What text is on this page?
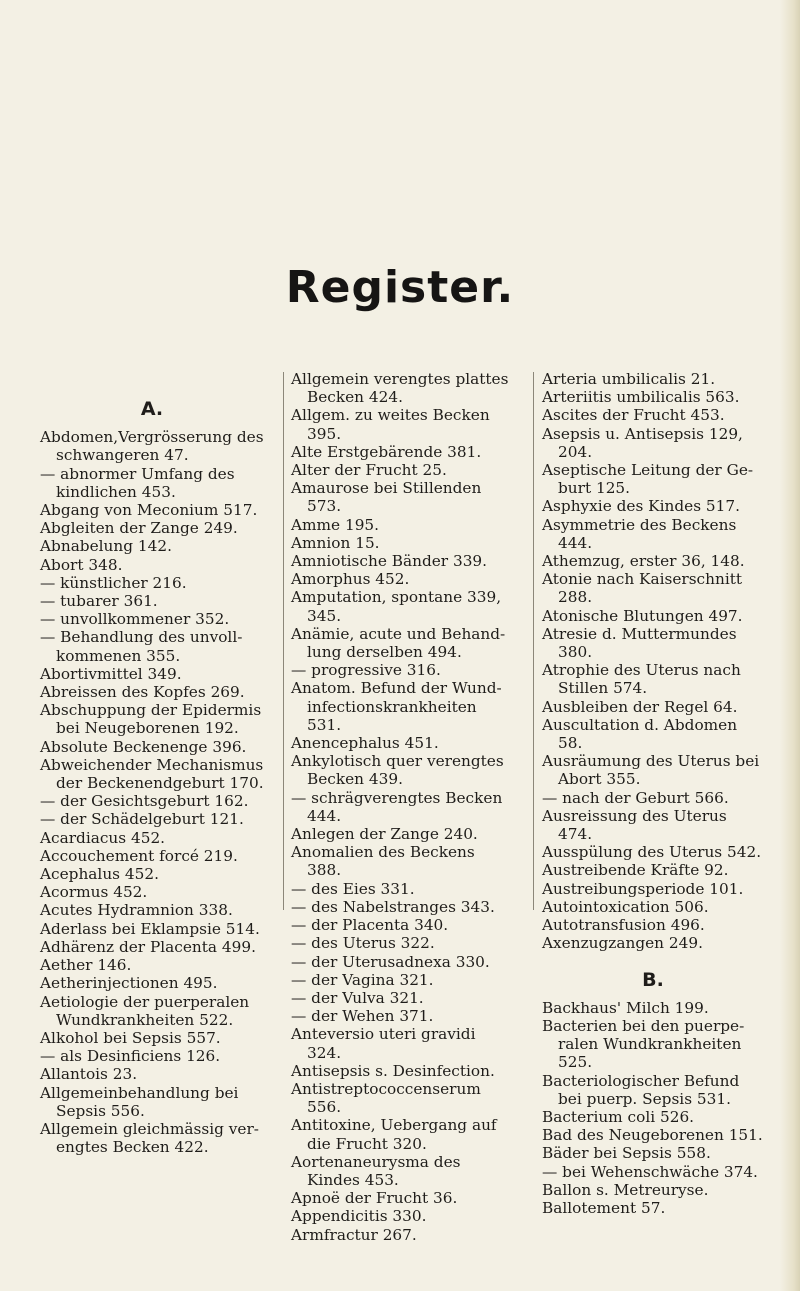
Register.
A.
Abdomen,Vergrösserung des schwangeren 47.
— abnormer Umfang des kindlichen 453.
Abgang von Meconium 517.
Abgleiten der Zange 249.
Abnabelung 142.
Abort 348.
— künstlicher 216.
— tubarer 361.
— unvollkommener 352.
— Behandlung des unvoll-kommenen 355.
Abortivmittel 349.
Abreissen des Kopfes 269.
Abschuppung der Epidermis bei Neugeborenen 192.
Absolute Beckenenge 396.
Abweichender Mechanismus der Beckenendgeburt 170.
— der Gesichtsgeburt 162.
— der Schädelgeburt 121.
Acardiacus 452.
Accouchement forcé 219.
Acephalus 452.
Acormus 452.
Acutes Hydramnion 338.
Aderlass bei Eklampsie 514.
Adhärenz der Placenta 499.
Aether 146.
Aetherinjectionen 495.
Aetiologie der puerperalen Wundkrankheiten 522.
Alkohol bei Sepsis 557.
— als Desinficiens 126.
Allantois 23.
Allgemeinbehandlung bei Sepsis 556.
Allgemein gleichmässig ver-engtes Becken 422.
Allgemein verengtes plattes Becken 424.
Allgem. zu weites Becken 395.
Alte Erstgebärende 381.
Alter der Frucht 25.
Amaurose bei Stillenden 573.
Amme 195.
Amnion 15.
Amniotische Bänder 339.
Amorphus 452.
Amputation, spontane 339, 345.
Anämie, acute und Behand-lung derselben 494.
— progressive 316.
Anatom. Befund der Wund-infectionskrankheiten 531.
Anencephalus 451.
Ankylotisch quer verengtes Becken 439.
— schrägverengtes Becken 444.
Anlegen der Zange 240.
Anomalien des Beckens 388.
— des Eies 331.
— des Nabelstranges 343.
— der Placenta 340.
— des Uterus 322.
— der Uterusadnexa 330.
— der Vagina 321.
— der Vulva 321.
— der Wehen 371.
Anteversio uteri gravidi 324.
Antisepsis s. Desinfection.
Antistreptococcenserum 556.
Antitoxine, Uebergang auf die Frucht 320.
Aortenaneurysma des Kindes 453.
Apnoë der Frucht 36.
Appendicitis 330.
Armfractur 267.
Arteria umbilicalis 21.
Arteriitis umbilicalis 563.
Ascites der Frucht 453.
Asepsis u. Antisepsis 129, 204.
Aseptische Leitung der Ge-burt 125.
Asphyxie des Kindes 517.
Asymmetrie des Beckens 444.
Athemzug, erster 36, 148.
Atonie nach Kaiserschnitt 288.
Atonische Blutungen 497.
Atresie d. Muttermundes 380.
Atrophie des Uterus nach Stillen 574.
Ausbleiben der Regel 64.
Auscultation d. Abdomen 58.
Ausräumung des Uterus bei Abort 355.
— nach der Geburt 566.
Ausreissung des Uterus 474.
Ausspülung des Uterus 542.
Austreibende Kräfte 92.
Austreibungsperiode 101.
Autointoxication 506.
Autotransfusion 496.
Axenzugzangen 249.
B.
Backhaus' Milch 199.
Bacterien bei den puerpe-ralen Wundkrankheiten 525.
Bacteriologischer Befund bei puerp. Sepsis 531.
Bacterium coli 526.
Bad des Neugeborenen 151.
Bäder bei Sepsis 558.
— bei Wehenschwäche 374.
Ballon s. Metreuryse.
Ballotement 57.
